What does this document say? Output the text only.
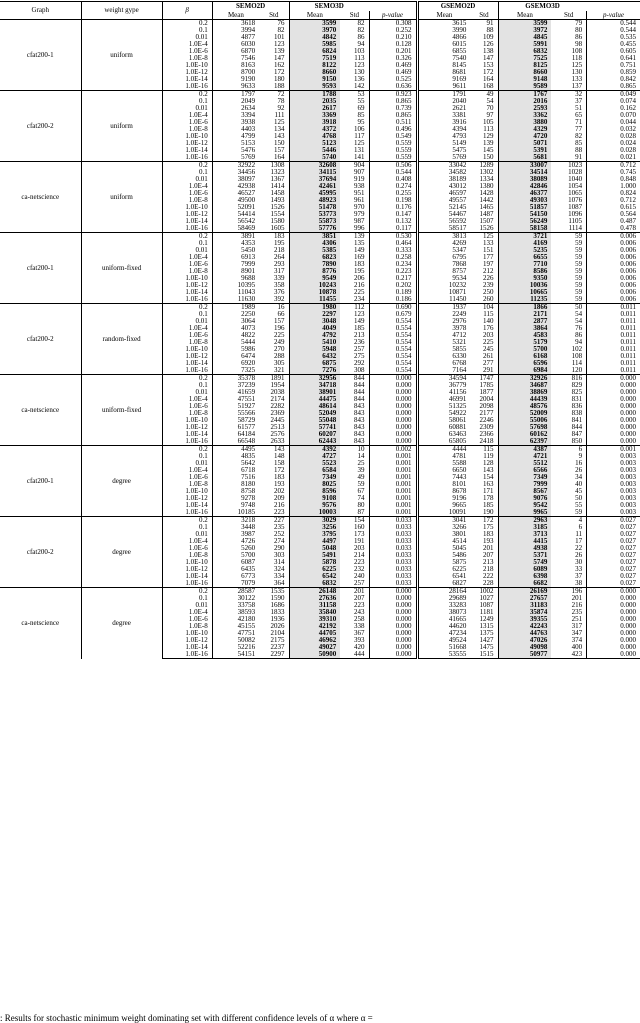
Graph	weight gype	β	SEMO2D		SEMO3D			GSEMO2D		GSEMO3D		
			Mean	Std	Mean	Std	p-value	Mean	Std	Mean	Std	p-value
cfat200-1	uniform	0.2	3618	76	3599	82	0.308	3615	91	3599	79	0.544
		0.1	3994	82	3970	82	0.252	3990	88	3972	80	0.544
		0.01	4877	101	4842	86	0.210	4866	109	4845	86	0.535
		1.0E-4	6030	123	5985	94	0.128	6015	126	5991	98	0.455
		1.0E-6	6870	139	6824	103	0.201	6855	138	6832	108	0.605
		1.0E-8	7546	147	7519	113	0.326	7540	147	7525	118	0.641
		1.0E-10	8163	162	8122	123	0.469	8145	153	8125	125	0.751
		1.0E-12	8700	172	8660	130	0.469	8681	172	8660	130	0.859
		1.0E-14	9190	180	9150	136	0.525	9169	164	9148	133	0.842
		1.0E-16	9633	188	9593	142	0.636	9611	168	9589	137	0.865
cfat200-2	uniform	0.2	1797	72	1788	53	0.923	1791	49	1767	32	0.049
		0.1	2049	78	2035	55	0.865	2040	54	2016	37	0.074
		0.01	2634	92	2617	69	0.739	2621	70	2593	51	0.162
		1.0E-4	3394	111	3369	85	0.865	3381	97	3362	65	0.070
		1.0E-6	3938	125	3918	95	0.511	3916	105	3880	71	0.044
		1.0E-8	4403	134	4372	106	0.496	4394	113	4329	77	0.032
		1.0E-10	4799	143	4768	117	0.549	4793	129	4720	82	0.028
		1.0E-12	5153	150	5123	125	0.559	5149	139	5071	85	0.024
		1.0E-14	5476	157	5446	131	0.559	5475	145	5391	88	0.028
		1.0E-16	5769	164	5740	141	0.559	5769	150	5681	91	0.021
ca-netscience	uniform	0.2	32922	1308	32608	904	0.506	33042	1289	33007	1023	0.712
		0.1	34456	1323	34115	907	0.544	34582	1302	34514	1028	0.745
		0.01	38097	1367	37694	919	0.408	38189	1334	38089	1040	0.848
		1.0E-4	42938	1414	42461	938	0.274	43012	1380	42846	1054	1.000
		1.0E-6	46527	1458	45995	951	0.255	46597	1428	46377	1065	0.824
		1.0E-8	49500	1493	48923	961	0.198	49557	1442	49303	1076	0.712
		1.0E-10	52091	1526	51478	970	0.176	52145	1465	51857	1087	0.615
		1.0E-12	54414	1554	53773	979	0.147	54467	1487	54150	1096	0.564
		1.0E-14	56542	1580	55873	987	0.132	56592	1507	56249	1105	0.487
		1.0E-16	58469	1605	57776	996	0.117	58517	1526	58158	1114	0.478
cfat200-1	uniform-fixed	0.2	3891	183	3851	139	0.530	3813	125	3721	59	0.006
		0.1	4353	195	4306	135	0.464	4269	133	4169	59	0.006
		0.01	5450	218	5385	149	0.333	5347	151	5235	59	0.006
		1.0E-4	6913	264	6823	169	0.258	6795	177	6655	59	0.006
		1.0E-6	7999	293	7890	183	0.234	7868	197	7710	59	0.006
		1.0E-8	8901	317	8776	195	0.223	8757	212	8586	59	0.006
		1.0E-10	9688	339	9549	206	0.217	9534	226	9350	59	0.006
		1.0E-12	10395	358	10243	216	0.202	10232	239	10036	59	0.006
		1.0E-14	11043	376	10878	225	0.189	10871	250	10665	59	0.006
		1.0E-16	11630	392	11455	234	0.186	11450	260	11235	59	0.006
cfat200-2	random-fixed	0.2	1989	16	1980	112	0.690	1937	104	1866	50	0.011
		0.1	2250	66	2297	123	0.679	2249	115	2171	54	0.011
		0.01	3064	157	3048	149	0.554	2976	140	2877	54	0.011
		1.0E-4	4073	196	4049	185	0.554	3978	176	3864	76	0.011
		1.0E-6	4822	225	4792	213	0.554	4712	203	4583	86	0.011
		1.0E-8	5444	249	5410	236	0.554	5321	225	5179	94	0.011
		1.0E-10	5986	270	5948	257	0.554	5855	245	5700	102	0.011
		1.0E-12	6474	288	6432	275	0.554	6330	261	6168	108	0.011
		1.0E-14	6920	305	6875	292	0.554	6768	277	6596	114	0.011
		1.0E-16	7325	321	7276	308	0.554	7164	291	6984	120	0.011
ca-netscience	uniform-fixed	0.2	35378	1891	32956	844	0.000	34594	1747	32926	816	0.000
		0.1	37239	1954	34718	844	0.000	36779	1785	34687	829	0.000
		0.01	41659	2038	38901	844	0.000	41156	1877	38869	825	0.000
		1.0E-4	47551	2174	44475	844	0.000	46991	2004	44439	831	0.000
		1.0E-6	51927	2282	48614	843	0.000	51325	2098	48576	836	0.000
		1.0E-8	55566	2369	52049	843	0.000	54922	2177	52009	838	0.000
		1.0E-10	58729	2445	55048	843	0.000	58061	2246	55006	841	0.000
		1.0E-12	61577	2513	57741	843	0.000	60881	2309	57698	844	0.000
		1.0E-14	64184	2576	60207	843	0.000	63463	2366	60162	847	0.000
		1.0E-16	66548	2633	62443	843	0.000	65805	2418	62397	850	0.000
cfat200-1	degree	0.2	4495	143	4392	10	0.002	4444	115	4387	6	0.001
		0.1	4835	148	4727	14	0.001	4781	119	4721	9	0.003
		0.01	5642	158	5523	25	0.001	5588	128	5512	16	0.003
		1.0E-4	6718	172	6584	39	0.001	6650	143	6566	26	0.003
		1.0E-6	7516	183	7349	49	0.001	7443	154	7349	34	0.003
		1.0E-8	8180	193	8025	59	0.001	8101	163	7999	40	0.003
		1.0E-10	8758	202	8596	67	0.001	8678	171	8567	45	0.003
		1.0E-12	9278	209	9108	74	0.001	9196	178	9076	50	0.003
		1.0E-14	9748	216	9576	80	0.001	9665	185	9542	55	0.003
		1.0E-16	10185	223	10003	87	0.001	10091	190	9965	59	0.003
cfat200-2	degree	0.2	3218	227	3029	154	0.033	3041	172	2963	4	0.027
		0.1	3448	235	3256	160	0.033	3266	175	3185	6	0.027
		0.01	3987	252	3795	173	0.033	3801	183	3713	11	0.027
		1.0E-4	4726	274	4497	191	0.033	4514	193	4415	17	0.027
		1.0E-6	5260	290	5048	203	0.033	5045	201	4938	22	0.027
		1.0E-8	5700	303	5491	214	0.033	5486	207	5371	26	0.027
		1.0E-10	6087	314	5878	223	0.033	5875	213	5749	30	0.027
		1.0E-12	6435	324	6225	232	0.033	6225	218	6089	33	0.027
		1.0E-14	6773	334	6542	240	0.033	6541	222	6398	37	0.027
		1.0E-16	7079	364	6832	257	0.033	6827	228	6682	38	0.027
ca-netscience	degree	0.2	28587	1535	26148	201	0.000	28164	1002	26169	196	0.000
		0.1	30122	1590	27636	207	0.000	29689	1027	27657	201	0.000
		0.01	33758	1686	31158	223	0.000	33283	1087	31183	216	0.000
		1.0E-4	38593	1833	35840	243	0.000	38073	1181	35874	235	0.000
		1.0E-6	42180	1936	39310	258	0.000	41665	1249	39355	251	0.000
		1.0E-8	45155	2026	42192	338	0.000	44620	1315	42243	317	0.000
		1.0E-10	47751	2104	44705	367	0.000	47234	1375	44763	347	0.000
		1.0E-12	50082	2175	46962	393	0.000	49524	1427	47026	374	0.000
		1.0E-14	52216	2237	49027	420	0.000	51668	1475	49098	400	0.000
		1.0E-16	54151	2297	50900	444	0.000	53555	1515	50977	423	0.000
: Results for stochastic minimum weight dominating set with different confidence levels of α where α =
